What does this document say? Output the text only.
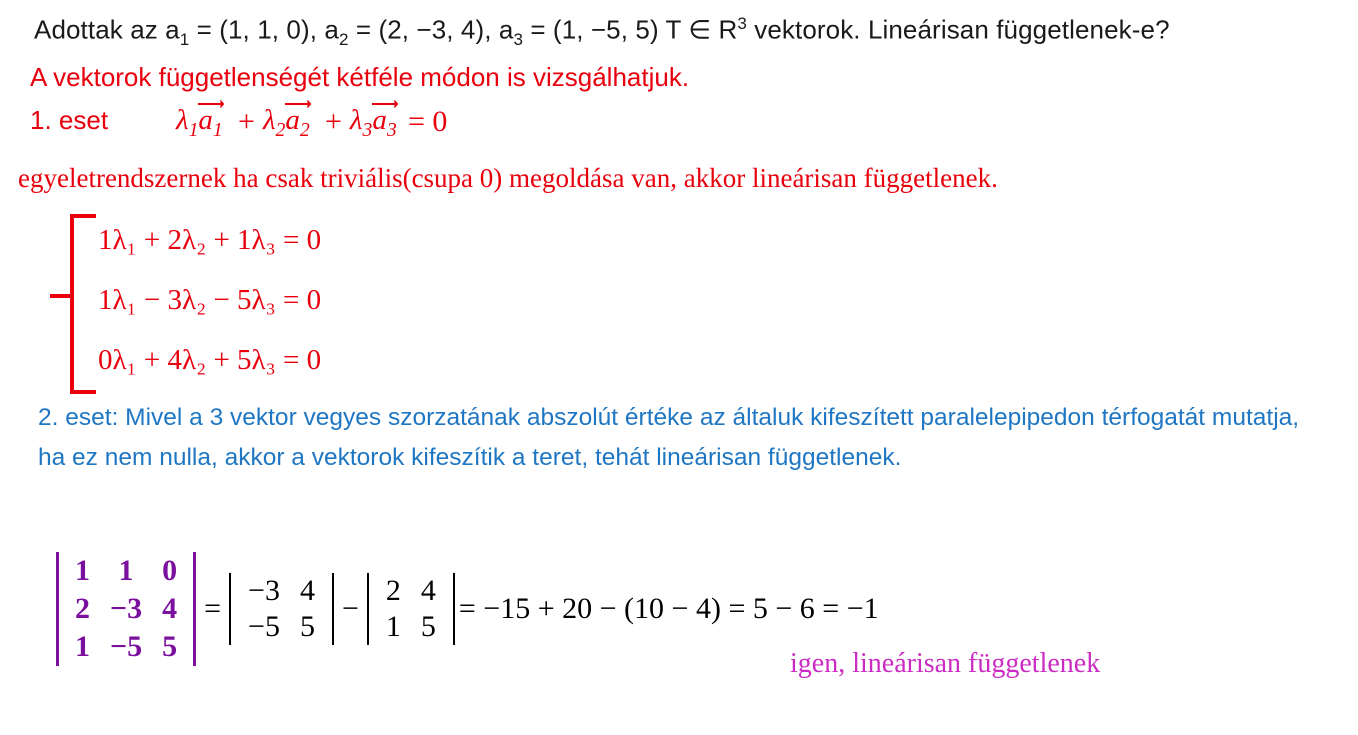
Adottak az $a_1 = (1$, 1, 0), $a_2 = (2$, −3, 4), $a_3 = (1$, −5, 5) T ∈ $R^3$ vektorok. Lineárisan függetlenek-e?
A vektorok függetlenségét kétféle módon is vizsgálhatjuk.
1. eset $\lambda_1$
$a_1 + \lambda_2$
$a_2 + \lambda_3$
$a_3 = 0$
egyeletrendszernek ha csak triviális(csupa 0) megoldása van, akkor lineárisan függetlenek.
1λ₁ + 2λ₂ + 1λ₃ = 0
1λ₁ − 3λ₂ − 5λ₃ = 0
0λ₁ + 4λ₂ + 5λ₃ = 0
2. eset: Mivel a 3 vektor vegyes szorzatának abszolút értéke az általuk kifeszített paralelepipedon térfogatát mutatja, ha ez nem nulla, akkor a vektorok kifeszítik a teret, tehát lineárisan függetlenek.
1	1	0
2	−3	4
1	−5	5
=
−3	4
−5	5
−
2	4
1	5
= −15 + 20 − (10 − 4) = 5 − 6 = −1
igen, lineárisan függetlenek
